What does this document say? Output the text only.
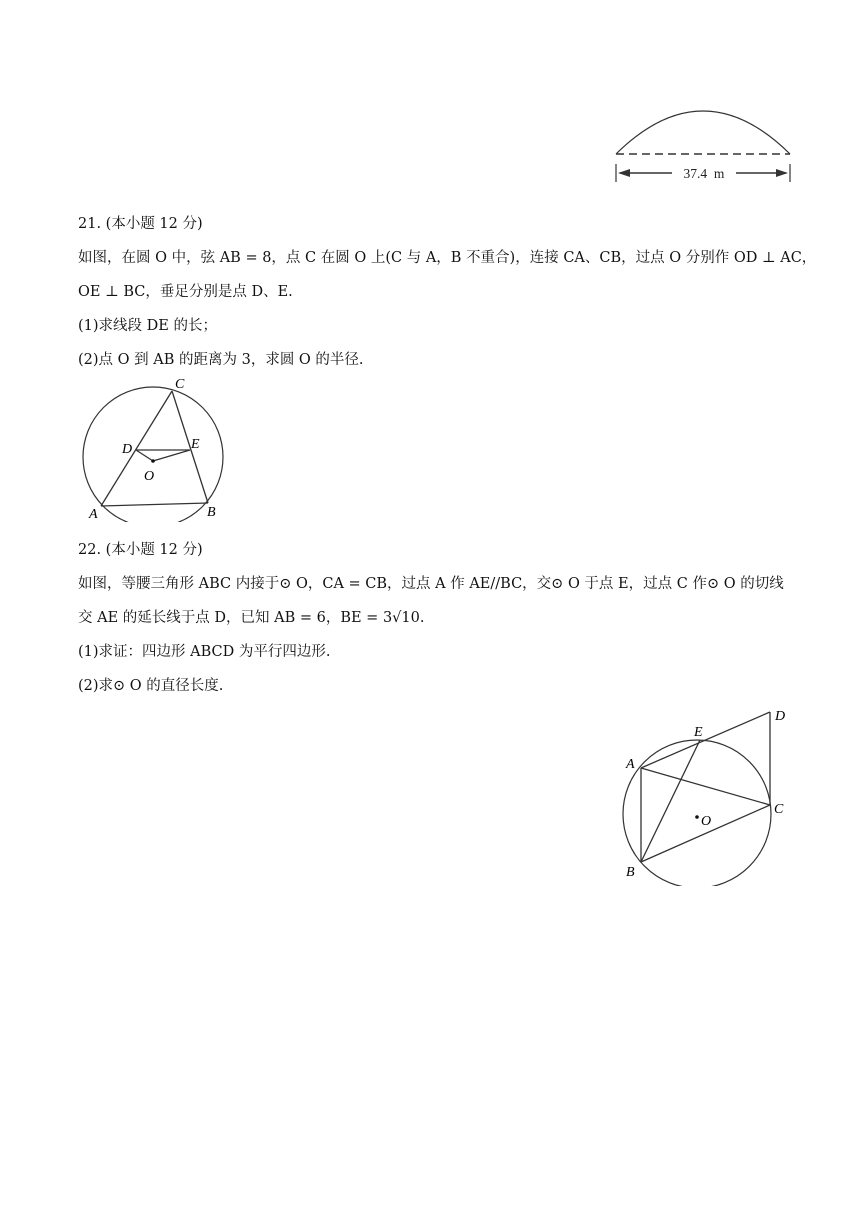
37.4  m
21. (本小题 12 分)
如图，在圆 O 中，弦 AB = 8，点 C 在圆 O 上(C 与 A，B 不重合)，连接 CA、CB，过点 O 分别作 OD ⊥ AC，
OE ⊥ BC，垂足分别是点 D、E.
(1)求线段 DE 的长；
(2)点 O 到 AB 的距离为 3，求圆 O 的半径.
C
D	E
O
A	B
22. (本小题 12 分)
如图，等腰三角形 ABC 内接于⊙ O，CA = CB，过点 A 作 AE//BC，交⊙ O 于点 E，过点 C 作⊙ O 的切线
交 AE 的延长线于点 D，已知 AB = 6，BE = 3√10.
(1)求证：四边形 ABCD 为平行四边形.
(2)求⊙ O 的直径长度.
D
E
A
C
O
B
